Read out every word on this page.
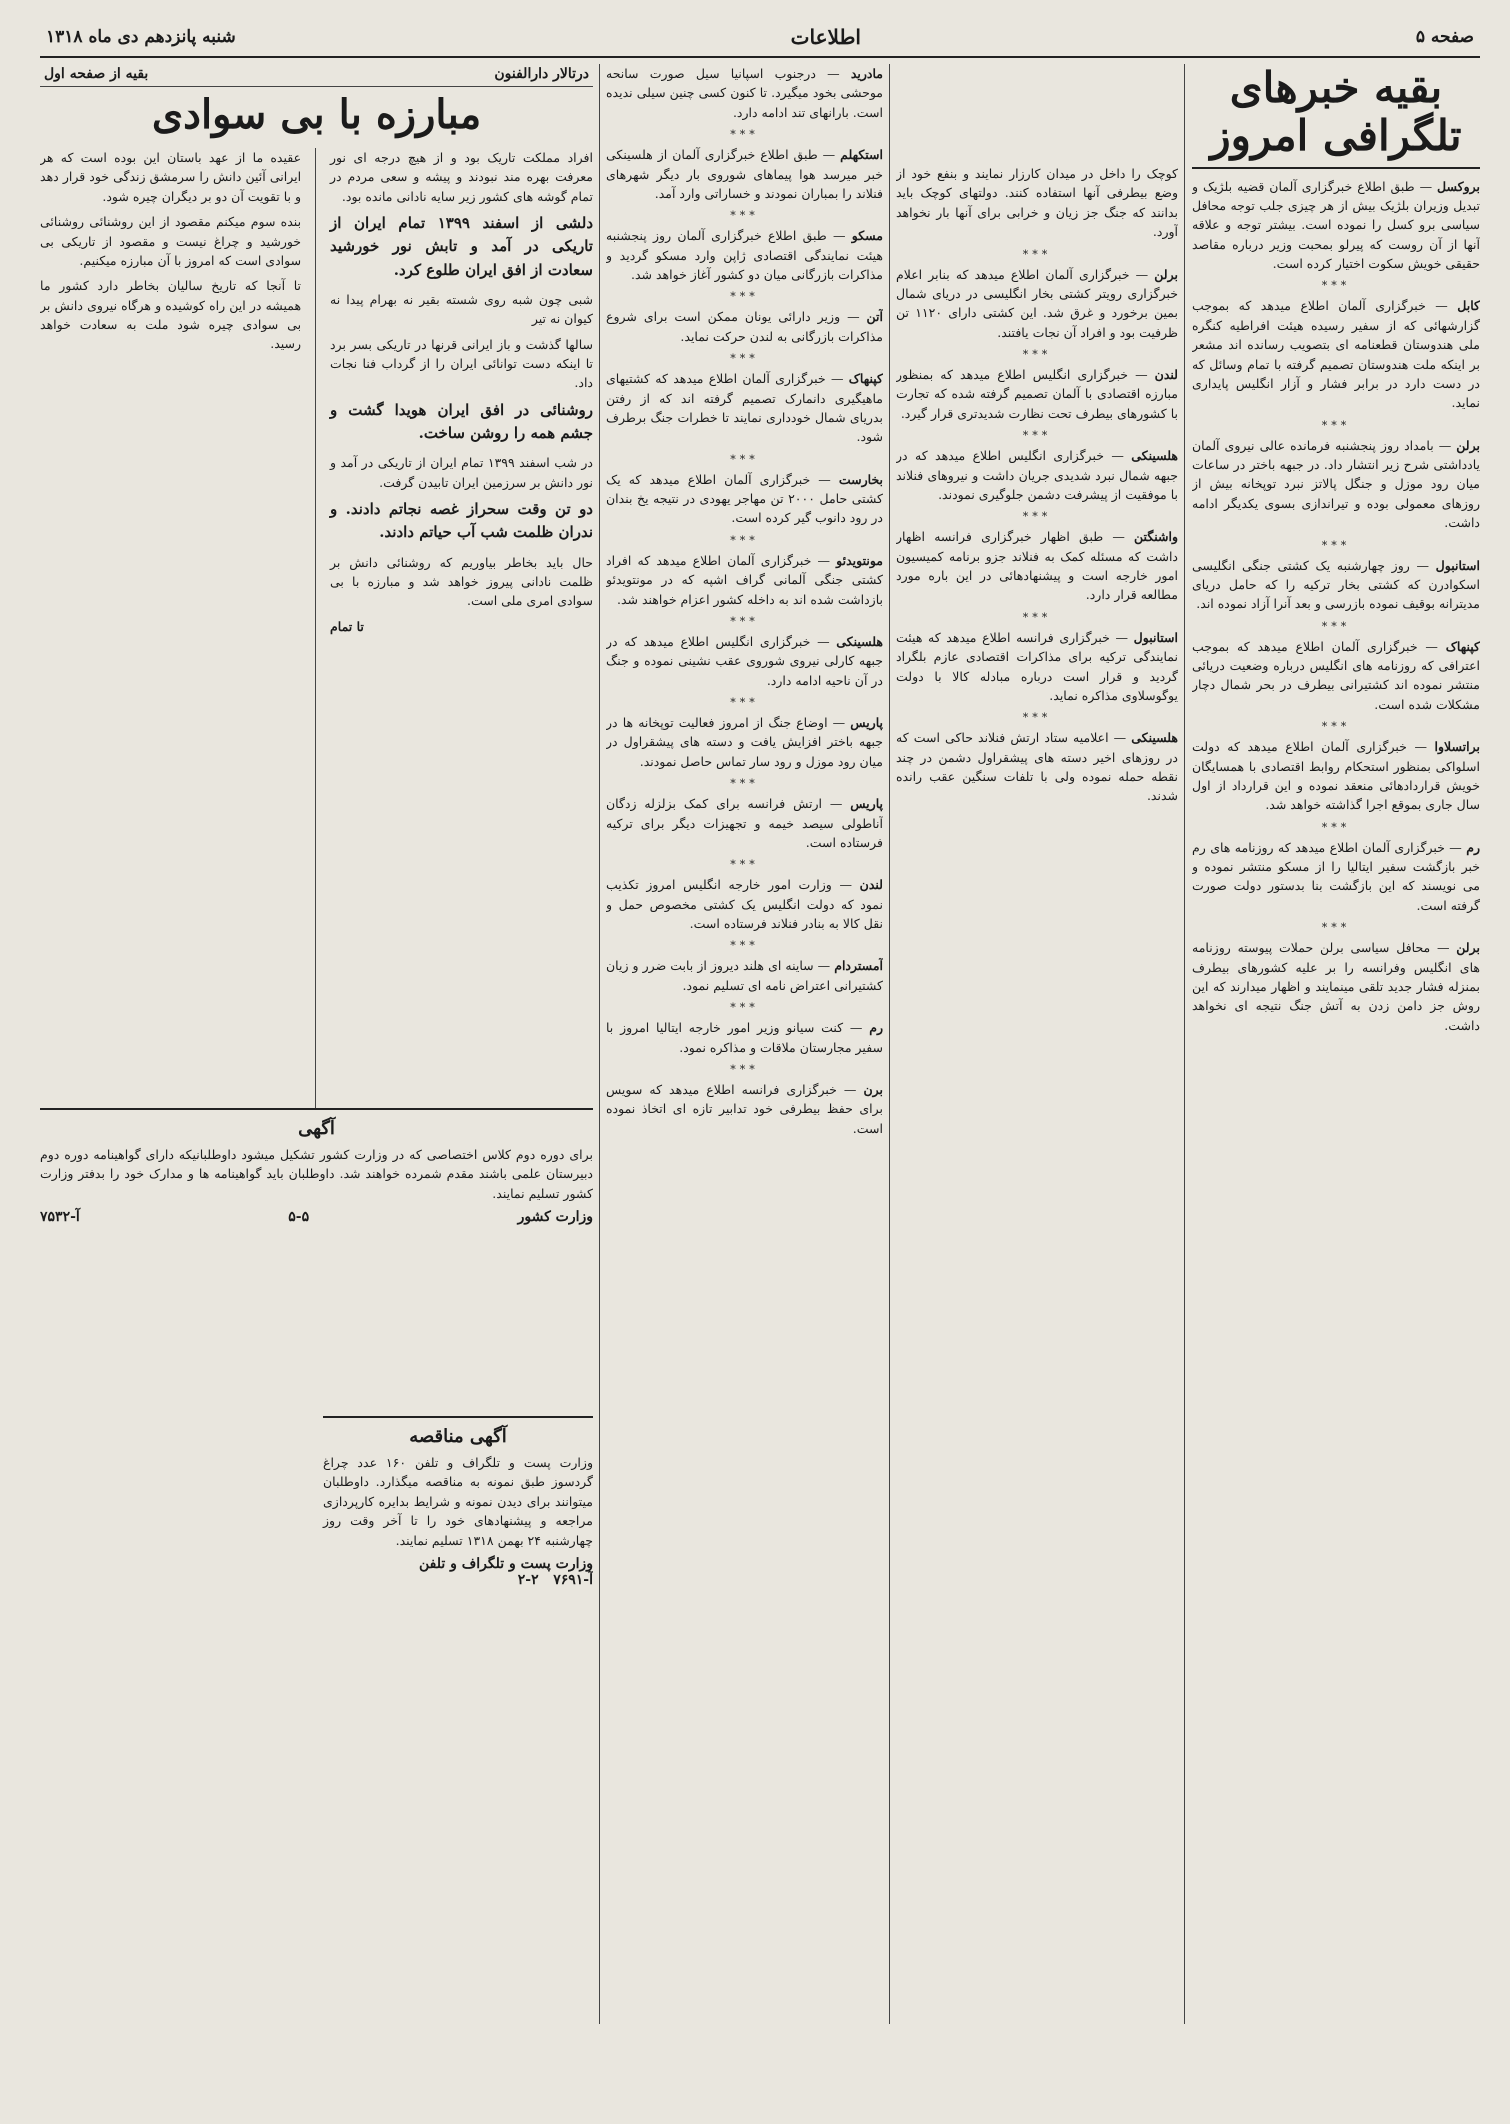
صفحه ۵
اطلاعات
شنبه پانزدهم دی ماه ۱۳۱۸
بقیه خبرهای تلگرافی امروز

بروکسل — طبق اطلاع خبرگزاری آلمان قضیه بلژیک و تبدیل وزیران بلژیک بیش از هر چیزی جلب توجه محافل سیاسی برو کسل را نموده است. بیشتر توجه و علاقه آنها از آن روست که پیرلو بمحبت وزیر درباره مقاصد حقیقی خویش سکوت اختیار کرده است.

***

کابل — خبرگزاری آلمان اطلاع میدهد که بموجب گزارشهائی که از سفیر رسیده هیئت افراطیه کنگره ملی هندوستان قطعنامه ای بتصویب رسانده اند مشعر بر اینکه ملت هندوستان تصمیم گرفته با تمام وسائل که در دست دارد در برابر فشار و آزار انگلیس پایداری نماید.

***

برلن — بامداد روز پنجشنبه فرمانده عالی نیروی آلمان یادداشتی شرح زیر انتشار داد. در جبهه باختر در ساعات میان رود موزل و جنگل پالاتز نبرد توپخانه بیش از روزهای معمولی بوده و تیراندازی بسوی یکدیگر ادامه داشت.

***

استانبول — روز چهارشنبه یک کشتی جنگی انگلیسی اسکوادرن که کشتی بخار ترکیه را که حامل دریای مدیترانه بوقیف نموده بازرسی و بعد آنرا آزاد نموده اند.

***

کپنهاک — خبرگزاری آلمان اطلاع میدهد که بموجب اعترافی که روزنامه های انگلیس درباره وضعیت دریائی منتشر نموده اند کشتیرانی بیطرف در بحر شمال دچار مشکلات شده است.

***

براتسلاوا — خبرگزاری آلمان اطلاع میدهد که دولت اسلواکی بمنظور استحکام روابط اقتصادی با همسایگان خویش قراردادهائی منعقد نموده و این قرارداد از اول سال جاری بموقع اجرا گذاشته خواهد شد.

***

رم — خبرگزاری آلمان اطلاع میدهد که روزنامه های رم خبر بازگشت سفیر ایتالیا را از مسکو منتشر نموده و می نویسند که این بازگشت بنا بدستور دولت صورت گرفته است.

***

برلن — محافل سیاسی برلن حملات پیوسته روزنامه های انگلیس وفرانسه را بر علیه کشورهای بیطرف بمنزله فشار جدید تلقی مینمایند و اظهار میدارند که این روش جز دامن زدن به آتش جنگ نتیجه ای نخواهد داشت.

کوچک را داخل در میدان کارزار نمایند و بنفع خود از وضع بیطرفی آنها استفاده کنند. دولتهای کوچک باید بدانند که جنگ جز زیان و خرابی برای آنها بار نخواهد آورد.

***

برلن — خبرگزاری آلمان اطلاع میدهد که بنابر اعلام خبرگزاری رویتر کشتی بخار انگلیسی در دریای شمال بمین برخورد و غرق شد. این کشتی دارای ۱۱۲۰ تن ظرفیت بود و افراد آن نجات یافتند.

***

لندن — خبرگزاری انگلیس اطلاع میدهد که بمنظور مبارزه اقتصادی با آلمان تصمیم گرفته شده که تجارت با کشورهای بیطرف تحت نظارت شدیدتری قرار گیرد.

***

هلسینکی — خبرگزاری انگلیس اطلاع میدهد که در جبهه شمال نبرد شدیدی جریان داشت و نیروهای فنلاند با موفقیت از پیشرفت دشمن جلوگیری نمودند.

***

واشنگتن — طبق اظهار خبرگزاری فرانسه اظهار داشت که مسئله کمک به فنلاند جزو برنامه کمیسیون امور خارجه است و پیشنهادهائی در این باره مورد مطالعه قرار دارد.

***

استانبول — خبرگزاری فرانسه اطلاع میدهد که هیئت نمایندگی ترکیه برای مذاکرات اقتصادی عازم بلگراد گردید و قرار است درباره مبادله کالا با دولت یوگوسلاوی مذاکره نماید.

***

هلسینکی — اعلامیه ستاد ارتش فنلاند حاکی است که در روزهای اخیر دسته های پیشقراول دشمن در چند نقطه حمله نموده ولی با تلفات سنگین عقب رانده شدند.

مادرید — درجنوب اسپانیا سیل صورت سانحه موحشی بخود میگیرد. تا کنون کسی چنین سیلی ندیده است. بارانهای تند ادامه دارد.

***

استکهلم — طبق اطلاع خبرگزاری آلمان از هلسینکی خبر میرسد هوا پیماهای شوروی بار دیگر شهرهای فنلاند را بمباران نمودند و خساراتی وارد آمد.

***

مسکو — طبق اطلاع خبرگزاری آلمان روز پنجشنبه هیئت نمایندگی اقتصادی ژاپن وارد مسکو گردید و مذاکرات بازرگانی میان دو کشور آغاز خواهد شد.

***

آتن — وزیر دارائی یونان ممکن است برای شروع مذاکرات بازرگانی به لندن حرکت نماید.

***

کپنهاک — خبرگزاری آلمان اطلاع میدهد که کشتیهای ماهیگیری دانمارک تصمیم گرفته اند که از رفتن بدریای شمال خودداری نمایند تا خطرات جنگ برطرف شود.

***

بخارست — خبرگزاری آلمان اطلاع میدهد که یک کشتی حامل ۲۰۰۰ تن مهاجر یهودی در نتیجه یخ بندان در رود دانوب گیر کرده است.

***

مونتویدئو — خبرگزاری آلمان اطلاع میدهد که افراد کشتی جنگی آلمانی گراف اشپه که در مونتویدئو بازداشت شده اند به داخله کشور اعزام خواهند شد.

***

هلسینکی — خبرگزاری انگلیس اطلاع میدهد که در جبهه کارلی نیروی شوروی عقب نشینی نموده و جنگ در آن ناحیه ادامه دارد.

***

پاریس — اوضاع جنگ از امروز فعالیت توپخانه ها در جبهه باختر افزایش یافت و دسته های پیشقراول در میان رود موزل و رود سار تماس حاصل نمودند.

***

پاریس — ارتش فرانسه برای کمک بزلزله زدگان آناطولی سیصد خیمه و تجهیزات دیگر برای ترکیه فرستاده است.

***

لندن — وزارت امور خارجه انگلیس امروز تکذیب نمود که دولت انگلیس یک کشتی مخصوص حمل و نقل کالا به بنادر فنلاند فرستاده است.

***

آمستردام — ساینه ای هلند دیروز از بابت ضرر و زیان کشتیرانی اعتراض نامه ای تسلیم نمود.

***

رم — کنت سیانو وزیر امور خارجه ایتالیا امروز با سفیر مجارستان ملاقات و مذاکره نمود.

***

برن — خبرگزاری فرانسه اطلاع میدهد که سویس برای حفظ بیطرفی خود تدابیر تازه ای اتخاذ نموده است.

درتالار دارالفنون
بقیه از صفحه اول
مبارزه با بی سوادی

افراد مملکت تاریک بود و از هیچ درجه ای نور معرفت بهره مند نبودند و پیشه و سعی مردم در تمام گوشه های کشور زیر سایه نادانی مانده بود.

دلشی از اسفند ۱۳۹۹ تمام ایران از تاریکی در آمد و تابش نور خورشید سعادت از افق ایران طلوع کرد.

شبی چون شبه روی شسته بقیر نه بهرام پیدا نه کیوان نه تیر

سالها گذشت و باز ایرانی قرنها در تاریکی بسر برد تا اینکه دست توانائی ایران را از گرداب فنا نجات داد.

روشنائی در افق ایران هویدا گشت و جشم همه را روشن ساخت.

در شب اسفند ۱۳۹۹ تمام ایران از تاریکی در آمد و نور دانش بر سرزمین ایران تابیدن گرفت.

دو تن وقت سحراز غصه نجاتم دادند. و ندران ظلمت شب آب حیاتم دادند.

حال باید بخاطر بیاوریم که روشنائی دانش بر ظلمت نادانی پیروز خواهد شد و مبارزه با بی سوادی امری ملی است.

تا تمام

عقیده ما از عهد باستان این بوده است که هر ایرانی آئین دانش را سرمشق زندگی خود قرار دهد و با تقویت آن دو بر دیگران چیره شود.

بنده سوم میکنم مقصود از این روشنائی روشنائی خورشید و چراغ نیست و مقصود از تاریکی بی سوادی است که امروز با آن مبارزه میکنیم.

تا آنجا که تاریخ سالیان بخاطر دارد کشور ما همیشه در این راه کوشیده و هرگاه نیروی دانش بر بی سوادی چیره شود ملت به سعادت خواهد رسید.

آگهی

برای دوره دوم کلاس اختصاصی که در وزارت کشور تشکیل میشود داوطلبانیکه دارای گواهینامه دوره دوم دبیرستان علمی باشند مقدم شمرده خواهند شد. داوطلبان باید گواهینامه ها و مدارک خود را بدفتر وزارت کشور تسلیم نمایند.

وزارت کشور
۵-۵
آ-۷۵۳۲
آگهی مناقصه

وزارت پست و تلگراف و تلفن ۱۶۰ عدد چراغ گردسوز طبق نمونه به مناقصه میگذارد. داوطلبان میتوانند برای دیدن نمونه و شرایط بدایره کارپردازی مراجعه و پیشنهادهای خود را تا آخر وقت روز چهارشنبه ۲۴ بهمن ۱۳۱۸ تسلیم نمایند.

وزارت پست و تلگراف و تلفن
آ-۷۶۹۱   ۲-۲
